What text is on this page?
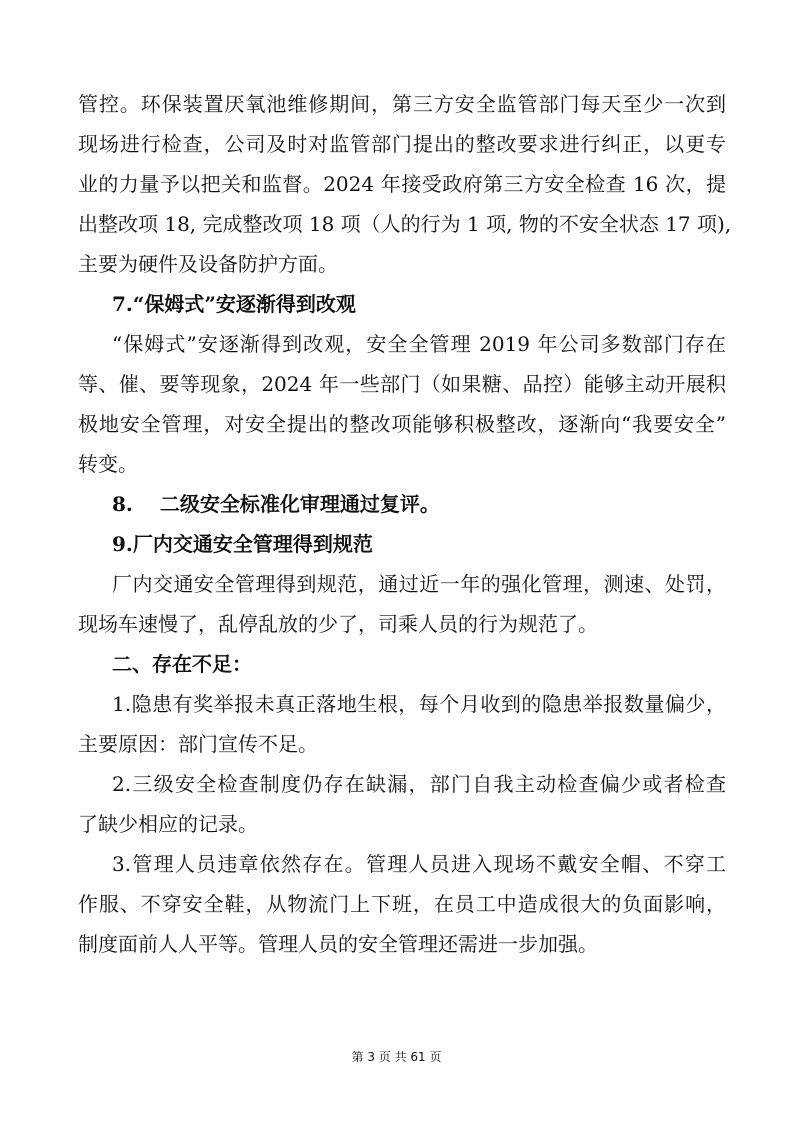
管控。环保装置厌氧池维修期间，第三方安全监管部门每天至少一次到
现场进行检查，公司及时对监管部门提出的整改要求进行纠正，以更专
业的力量予以把关和监督。2024 年接受政府第三方安全检查 16 次，提
出整改项 18, 完成整改项 18 项（人的行为 1 项, 物的不安全状态 17 项),
主要为硬件及设备防护方面。
7.“保姆式”安逐渐得到改观
“保姆式”安逐渐得到改观，安全全管理 2019 年公司多数部门存在
等、催、要等现象，2024 年一些部门（如果糖、品控）能够主动开展积
极地安全管理，对安全提出的整改项能够积极整改，逐渐向“我要安全”
转变。
8.　 二级安全标准化审理通过复评。
9.厂内交通安全管理得到规范
厂内交通安全管理得到规范，通过近一年的强化管理，测速、处罚，
现场车速慢了，乱停乱放的少了，司乘人员的行为规范了。
二、存在不足：
1.隐患有奖举报未真正落地生根，每个月收到的隐患举报数量偏少，
主要原因：部门宣传不足。
2.三级安全检查制度仍存在缺漏，部门自我主动检查偏少或者检查
了缺少相应的记录。
3.管理人员违章依然存在。管理人员进入现场不戴安全帽、不穿工
作服、不穿安全鞋，从物流门上下班，在员工中造成很大的负面影响，
制度面前人人平等。管理人员的安全管理还需进一步加强。
第 3 页 共 61 页
